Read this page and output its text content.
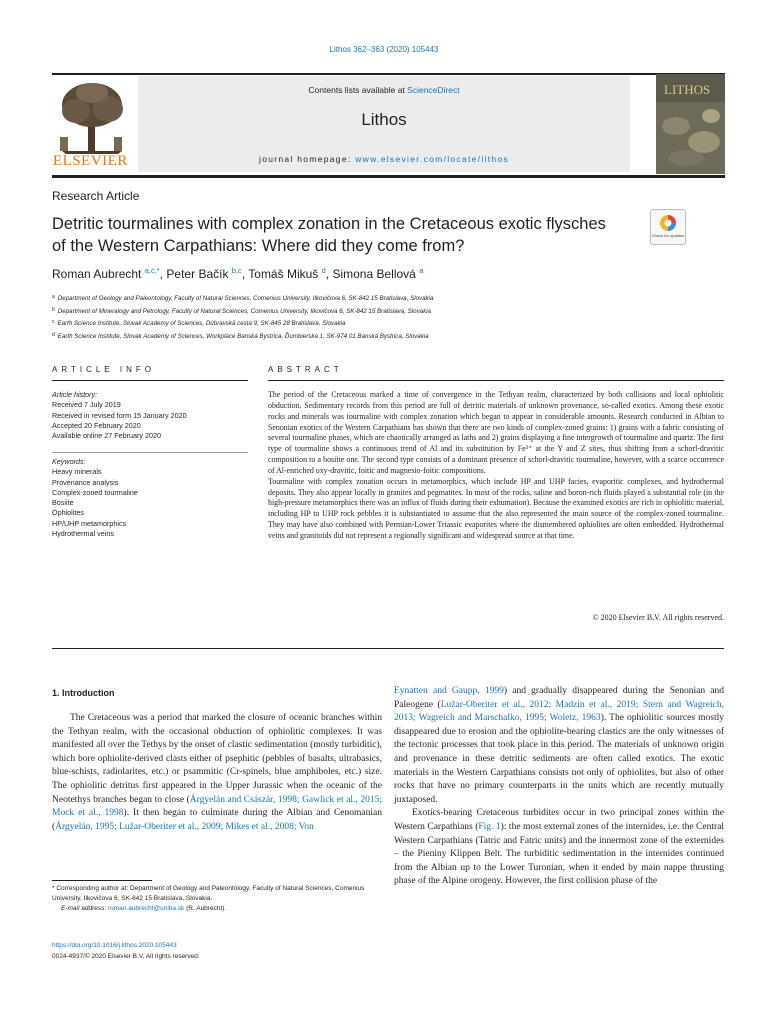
Lithos 362–363 (2020) 105443
ELSEVIER
Contents lists available at ScienceDirect
Lithos
journal homepage: www.elsevier.com/locate/lithos
LITHOS
Research Article
Detritic tourmalines with complex zonation in the Cretaceous exotic flysches of the Western Carpathians: Where did they come from?
Check for updates
Roman Aubrecht $^{a,c,*}$, Peter Bačík $^{b,c}$, Tomáš Mikuš $^d$, Simona Bellová $^a$
$^a$ Department of Geology and Paleontology, Faculty of Natural Sciences, Comenius University, Ilkovičova 6, SK-842 15 Bratislava, Slovakia
$^b$ Department of Mineralogy and Petrology, Faculty of Natural Sciences, Comenius University, Ilkovičova 6, SK-842 15 Bratislava, Slovakia
$^c$ Earth Science Institute, Slovak Academy of Sciences, Dúbravská cesta 9, SK-845 28 Bratislava, Slovakia
$^d$ Earth Science Institute, Slovak Academy of Sciences, Workplace Banská Bystrica, Ďumbierska 1, SK-974 01 Banská Bystrica, Slovakia
ARTICLE INFO	ABSTRACT
Article history:
Received 7 July 2019
Received in revised form 15 January 2020
Accepted 20 February 2020
Available online 27 February 2020
Keywords:
Heavy minerals
Provenance analysis
Complex-zoned tourmaline
Bosiite
Ophiolites
HP/UHP metamorphics
Hydrothermal veins

The period of the Cretaceous marked a time of convergence in the Tethyan realm, characterized by both collisions and local ophiolitic obduction. Sedimentary records from this period are full of detritic materials of unknown provenance, so-called exotics. Among these exotic rocks and minerals was tourmaline with complex zonation which began to appear in considerable amounts. Research conducted in Albian to Senonian exotics of the Western Carpathians has shown that there are two kinds of complex-zoned grains: 1) grains with a fabric consisting of several tourmaline phases, which are chaotically arranged as laths and 2) grains displaying a fine intergrowth of tourmaline and quartz. The first type of tourmaline shows a continuous trend of Al and its substitution by Fe³⁺ at the Y and Z sites, thus shifting from a schorl-dravitic composition to a bosiite one. The second type consists of a dominant presence of schorl-dravitic tourmaline, however, with a scarce occurrence of Al-enriched oxy-dravitic, foitic and magnesio-foitic compositions.

Tourmaline with complex zonation occurs in metamorphics, which include HP and UHP facies, evaporitic complexes, and hydrothermal deposits. They also appear locally in granites and pegmatites. In most of the rocks, saline and boron-rich fluids played a substantial role (in the high-pressure metamorphics there was an influx of fluids during their exhumation). Because the examined exotics are rich in ophiolitic material, including HP to UHP rock pebbles it is substantiated to assume that the also represented the main source of the complex-zoned tourmaline. They may have also combined with Permian-Lower Triassic evaporites where the dismembered ophiolites are often embedded. Hydrothermal veins and granitoids did not represent a regionally significant and widespread source at that time.

© 2020 Elsevier B.V. All rights reserved.
1. Introduction

The Cretaceous was a period that marked the closure of oceanic branches within the Tethyan realm, with the occasional obduction of ophiolitic complexes. It was manifested all over the Tethys by the onset of clastic sedimentation (mostly turbiditic), which bore ophiolite-derived clasts either of psephitic (pebbles of basalts, ultrabasics, blue-schists, radiolarites, etc.) or psammitic (Cr-spinels, blue amphiboles, etc.) size. The ophiolitic detritus first appeared in the Upper Jurassic when the oceanic of the Neotethys branches began to close (Árgyelán and Császár, 1998; Gawlick et al., 2015; Mock et al., 1998). It then began to culminate during the Albian and Cenomanian (Árgyelán, 1995; Lužar-Oberiter et al., 2009; Mikes et al., 2008; Von

Eynatten and Gaupp, 1999) and gradually disappeared during the Senonian and Paleogene (Lužar-Oberiter et al., 2012; Madzin et al., 2019; Stern and Wagreich, 2013; Wagreich and Marschalko, 1995; Woletz, 1963). The ophiolitic sources mostly disappeared due to erosion and the ophiolite-bearing clastics are the only witnesses of the tectonic processes that took place in this period. The materials of unknown origin and provenance in these detritic sediments are often called exotics. The exotic materials in the Western Carpathians consists not only of ophiolites, but also of other rocks that have no primary counterparts in the units which are recently mutually juxtaposed.

Exotics-bearing Cretaceous turbidites occur in two principal zones within the Western Carpathians (Fig. 1): the most external zones of the internides, i.e. the Central Western Carpathians (Tatric and Fatric units) and the innermost zone of the externides – the Pieniny Klippen Belt. The turbiditic sedimentation in the internides continued from the Albian up to the Lower Turonian, when it ended by main nappe thrusting phase of the Alpine orogeny. However, the first collision phase of the

* Corresponding author at: Department of Geology and Paleontology, Faculty of Natural Sciences, Comenius University, Ilkovičova 6, SK-842 15 Bratislava, Slovakia.
E-mail address: roman.aubrecht@uniba.sk (R. Aubrecht).
https://doi.org/10.1016/j.lithos.2020.105443
0024-4937/© 2020 Elsevier B.V. All rights reserved.
